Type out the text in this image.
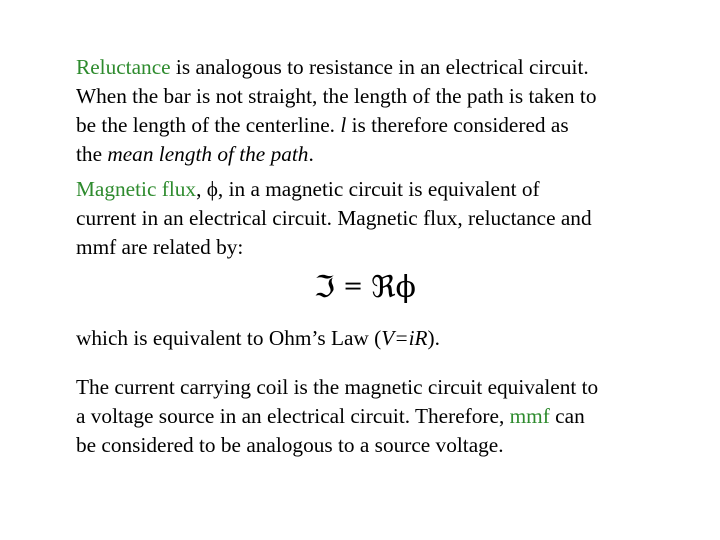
Reluctance is analogous to resistance in an electrical circuit.
When the bar is not straight, the length of the path is taken to
be the length of the centerline. l is therefore considered as
the mean length of the path.
Magnetic flux, ϕ, in a magnetic circuit is equivalent of
current in an electrical circuit. Magnetic flux, reluctance and
mmf are related by:
ℑ = ℜϕ
which is equivalent to Ohm’s Law (V=iR).
The current carrying coil is the magnetic circuit equivalent to
a voltage source in an electrical circuit. Therefore, mmf can
be considered to be analogous to a source voltage.
